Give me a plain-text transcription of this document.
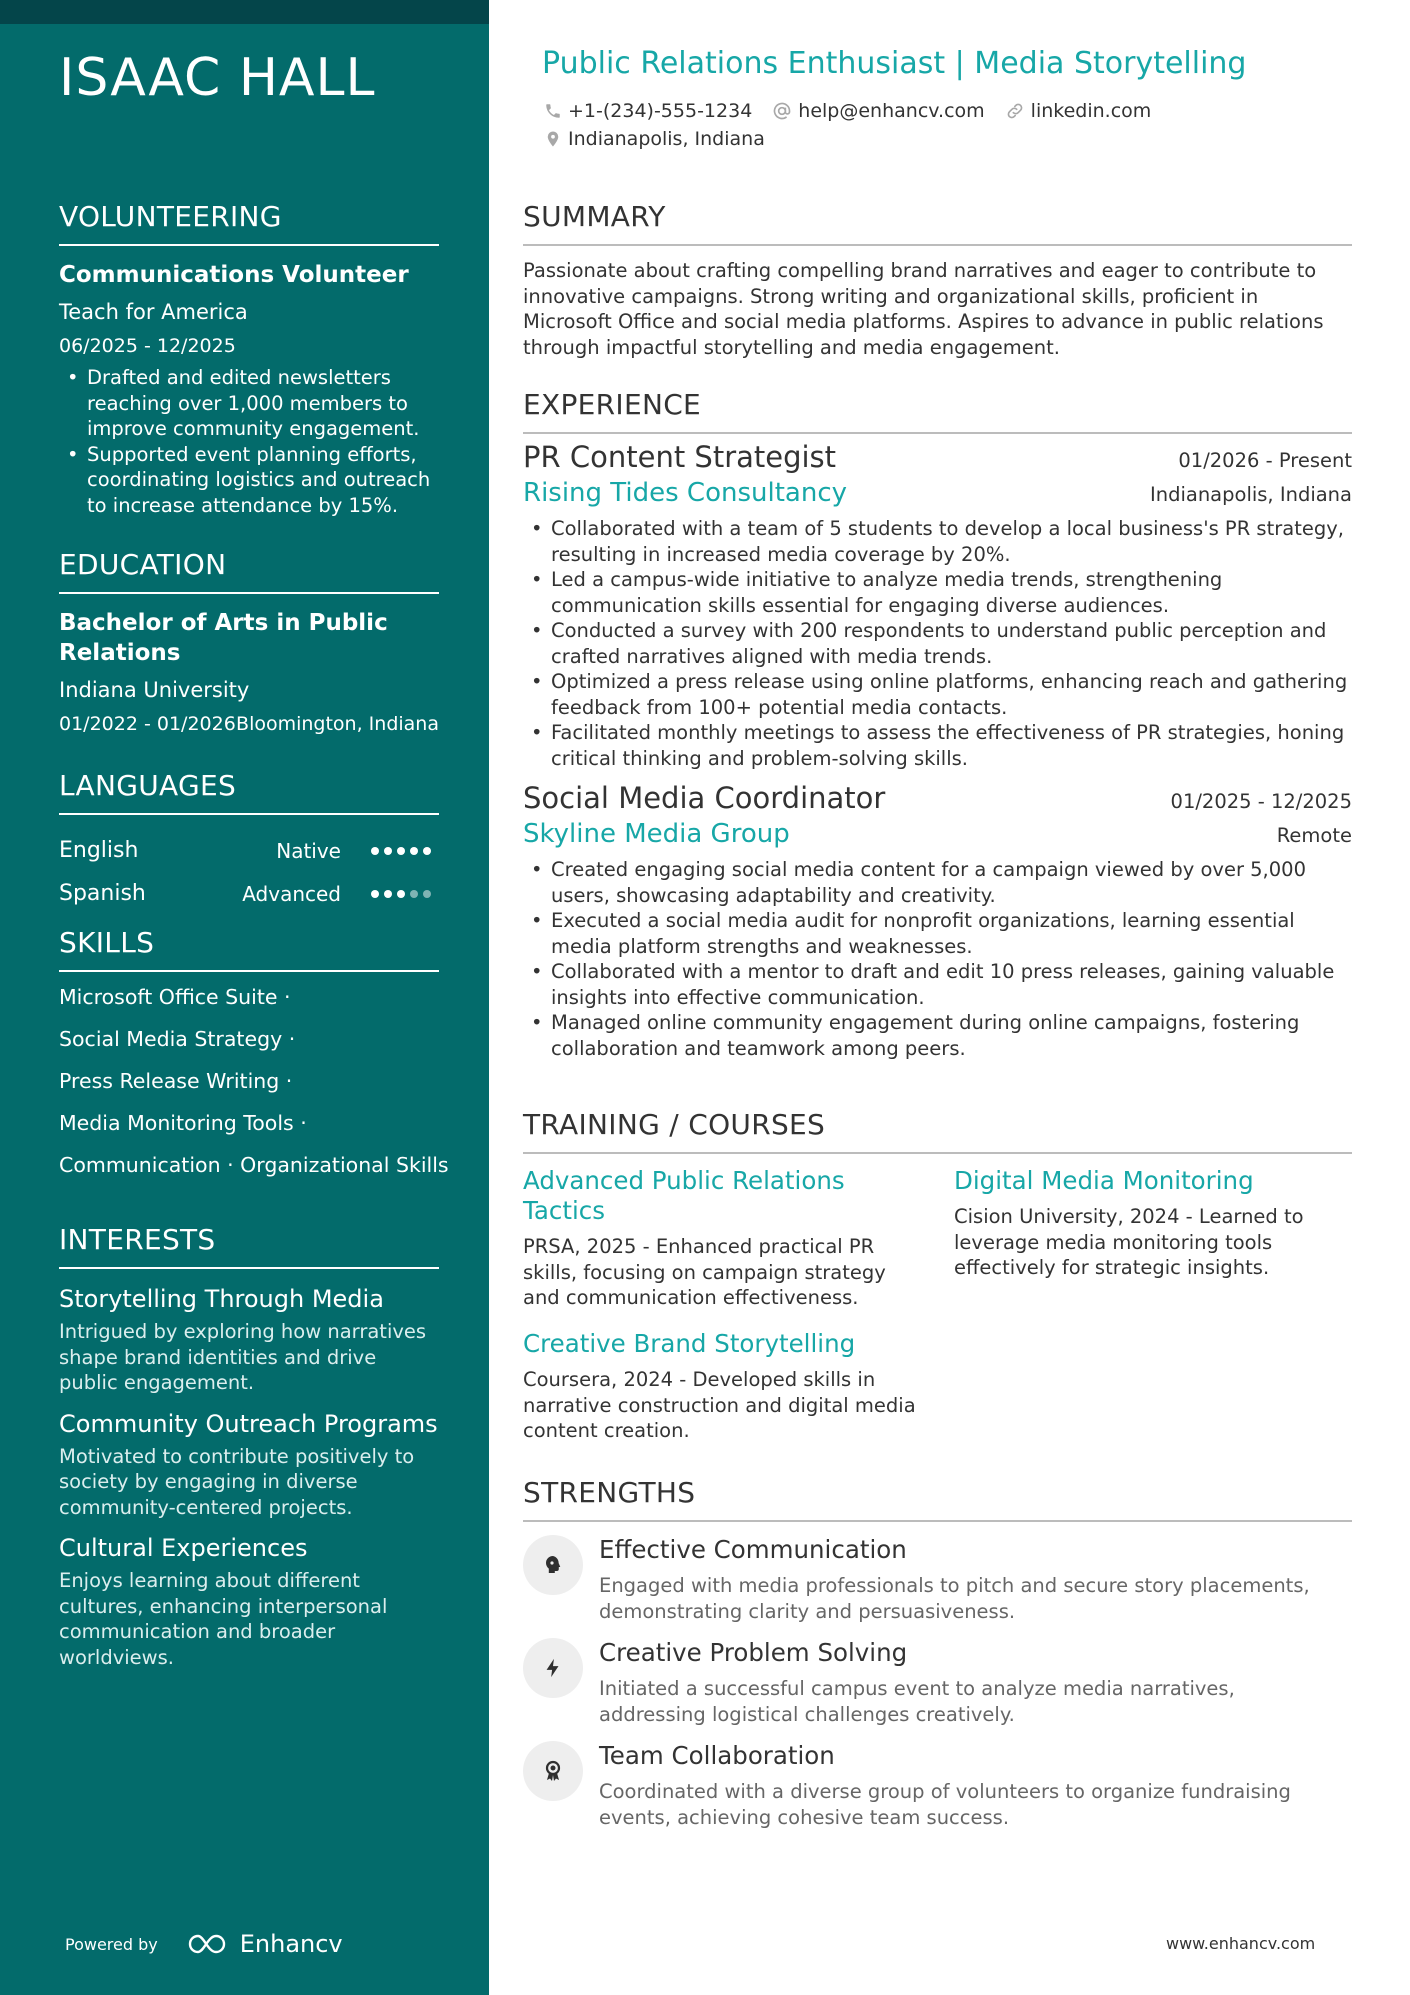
ISAAC HALL
VOLUNTEERING
Communications Volunteer
Teach for America
06/2025 - 12/2025
• Drafted and edited newsletters reaching over 1,000 members to improve community engagement.
• Supported event planning efforts, coordinating logistics and outreach to increase attendance by 15%.
EDUCATION
Bachelor of Arts in Public Relations
Indiana University
01/2022 - 01/2026 Bloomington, Indiana
LANGUAGES
English	Native
Spanish	Advanced
SKILLS
Microsoft Office Suite ·
Social Media Strategy ·
Press Release Writing ·
Media Monitoring Tools ·
Communication · Organizational Skills
INTERESTS
Storytelling Through Media
Intrigued by exploring how narratives shape brand identities and drive public engagement.
Community Outreach Programs
Motivated to contribute positively to society by engaging in diverse community-centered projects.
Cultural Experiences
Enjoys learning about different cultures, enhancing interpersonal communication and broader worldviews.
Powered by	Enhancv
Public Relations Enthusiast | Media Storytelling
+1-(234)-555-1234 help@enhancv.com linkedin.com
Indianapolis, Indiana
SUMMARY
Passionate about crafting compelling brand narratives and eager to contribute to innovative campaigns. Strong writing and organizational skills, proficient in Microsoft Office and social media platforms. Aspires to advance in public relations through impactful storytelling and media engagement.
EXPERIENCE
PR Content Strategist	01/2026 - Present
Rising Tides Consultancy	Indianapolis, Indiana
• Collaborated with a team of 5 students to develop a local business's PR strategy, resulting in increased media coverage by 20%.
• Led a campus-wide initiative to analyze media trends, strengthening communication skills essential for engaging diverse audiences.
• Conducted a survey with 200 respondents to understand public perception and crafted narratives aligned with media trends.
• Optimized a press release using online platforms, enhancing reach and gathering feedback from 100+ potential media contacts.
• Facilitated monthly meetings to assess the effectiveness of PR strategies, honing critical thinking and problem-solving skills.
Social Media Coordinator	01/2025 - 12/2025
Skyline Media Group	Remote
• Created engaging social media content for a campaign viewed by over 5,000 users, showcasing adaptability and creativity.
• Executed a social media audit for nonprofit organizations, learning essential media platform strengths and weaknesses.
• Collaborated with a mentor to draft and edit 10 press releases, gaining valuable insights into effective communication.
• Managed online community engagement during online campaigns, fostering collaboration and teamwork among peers.
TRAINING / COURSES
Advanced Public Relations Tactics
PRSA, 2025 - Enhanced practical PR skills, focusing on campaign strategy and communication effectiveness.
Digital Media Monitoring
Cision University, 2024 - Learned to leverage media monitoring tools effectively for strategic insights.
Creative Brand Storytelling
Coursera, 2024 - Developed skills in narrative construction and digital media content creation.
STRENGTHS
Effective Communication
Engaged with media professionals to pitch and secure story placements, demonstrating clarity and persuasiveness.
Creative Problem Solving
Initiated a successful campus event to analyze media narratives, addressing logistical challenges creatively.
Team Collaboration
Coordinated with a diverse group of volunteers to organize fundraising events, achieving cohesive team success.
www.enhancv.com
